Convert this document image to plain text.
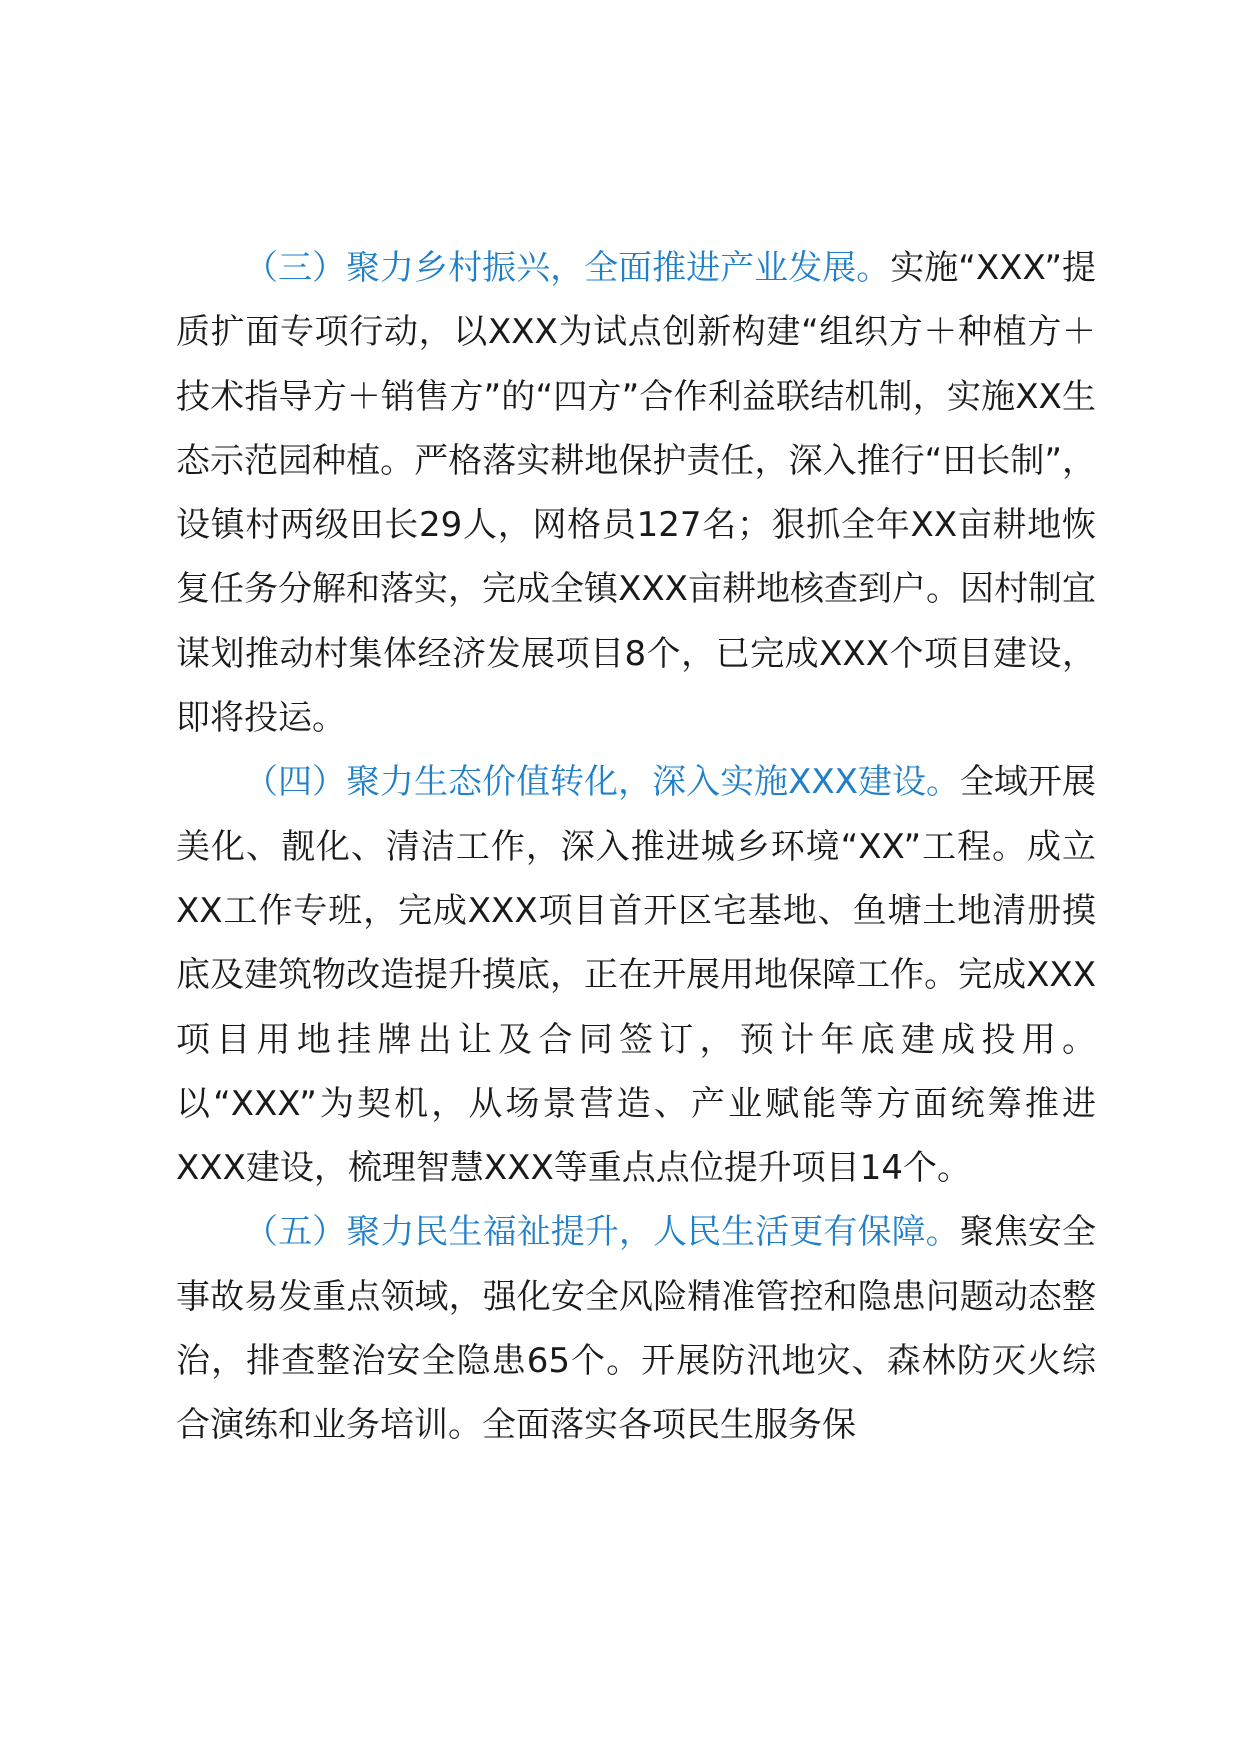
（三）聚力乡村振兴，全面推进产业发展。实施“XXX”提质扩面专项行动，以XXX为试点创新构建“组织方＋种植方＋技术指导方＋销售方”的“四方”合作利益联结机制，实施XX生态示范园种植。严格落实耕地保护责任，深入推行“田长制”，设镇村两级田长29人，网格员127名；狠抓全年XX亩耕地恢复任务分解和落实，完成全镇XXX亩耕地核查到户。因村制宜谋划推动村集体经济发展项目8个，已完成XXX个项目建设，即将投运。

（四）聚力生态价值转化，深入实施XXX建设。全域开展美化、靓化、清洁工作，深入推进城乡环境“XX”工程。成立XX工作专班，完成XXX项目首开区宅基地、鱼塘土地清册摸底及建筑物改造提升摸底，正在开展用地保障工作。完成XXX项目用地挂牌出让及合同签订，预计年底建成投用。以“XXX”为契机，从场景营造、产业赋能等方面统筹推进XXX建设，梳理智慧XXX等重点点位提升项目14个。

（五）聚力民生福祉提升，人民生活更有保障。聚焦安全事故易发重点领域，强化安全风险精准管控和隐患问题动态整治，排查整治安全隐患65个。开展防汛地灾、森林防灭火综合演练和业务培训。全面落实各项民生服务保
